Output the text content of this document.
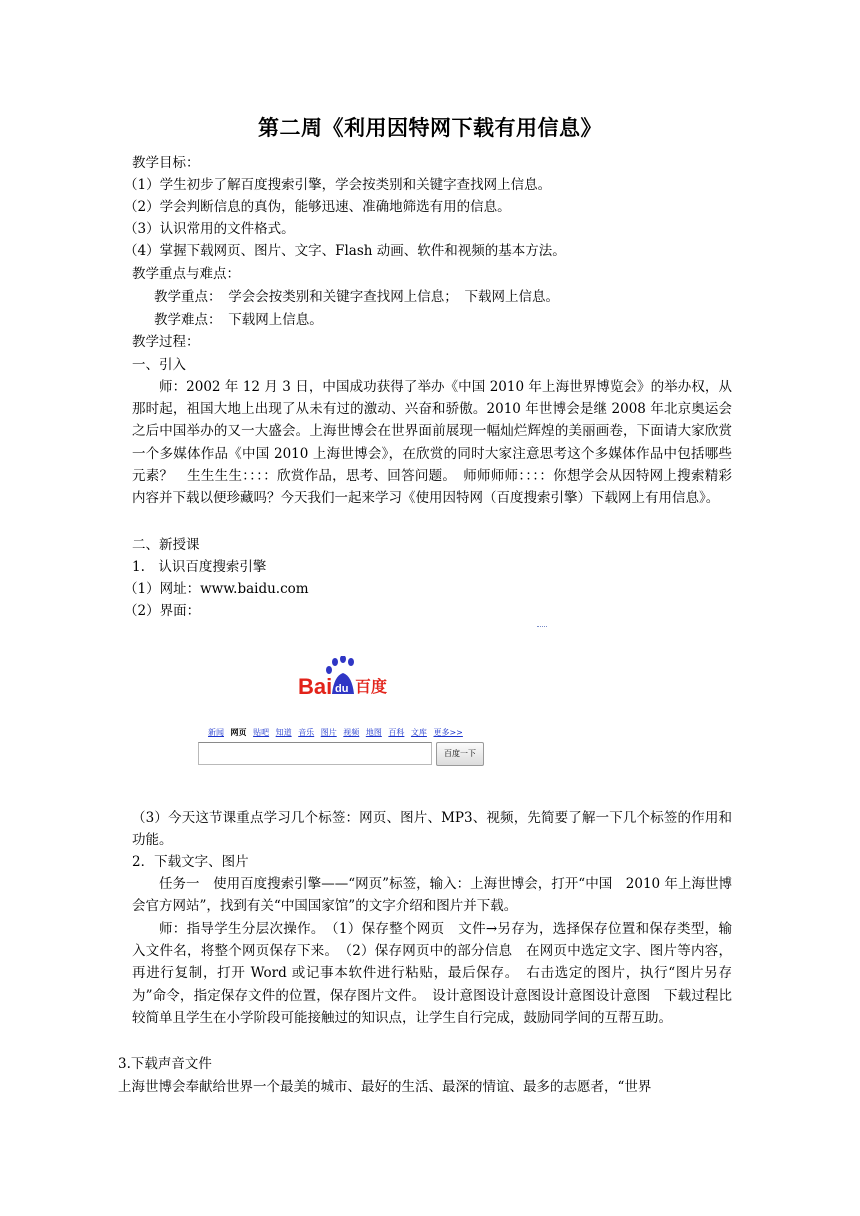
第二周《利用因特网下载有用信息》
教学目标：
（1）学生初步了解百度搜索引擎，学会按类别和关键字查找网上信息。
（2）学会判断信息的真伪，能够迅速、准确地筛选有用的信息。
（3）认识常用的文件格式。
（4）掌握下载网页、图片、文字、Flash 动画、软件和视频的基本方法。
教学重点与难点：
教学重点：　学会会按类别和关键字查找网上信息；　下载网上信息。
教学难点：　下载网上信息。
教学过程：
一、引入
师：2002 年 12 月 3 日，中国成功获得了举办《中国 2010 年上海世界博览会》的举办权，从那时起，祖国大地上出现了从未有过的激动、兴奋和骄傲。2010 年世博会是继 2008 年北京奥运会之后中国举办的又一大盛会。上海世博会在世界面前展现一幅灿烂辉煌的美丽画卷，下面请大家欣赏一个多媒体作品《中国 2010 上海世博会》，在欣赏的同时大家注意思考这个多媒体作品中包括哪些元素？　生生生生：：：：欣赏作品，思考、回答问题。　师师师师：：：：你想学会从因特网上搜索精彩内容并下载以便珍藏吗？今天我们一起来学习《使用因特网（百度搜索引擎）下载网上有用信息》。
二、新授课
1.　认识百度搜索引擎
（1）网址：www.baidu.com
（2）界面：
Bai du 百度
新闻 网页 贴吧 知道 音乐 图片 视频 地图 百科 文库 更多>>
百度一下
（3）今天这节课重点学习几个标签：网页、图片、MP3、视频，先简要了解一下几个标签的作用和功能。
2．下载文字、图片
任务一　使用百度搜索引擎——“网页”标签，输入：上海世博会，打开“中国　2010 年上海世博会官方网站”，找到有关“中国国家馆”的文字介绍和图片并下载。
师：指导学生分层次操作。　（1）保存整个网页　文件→另存为，选择保存位置和保存类型，输入文件名，将整个网页保存下来。　（2）保存网页中的部分信息　在网页中选定文字、图片等内容，再进行复制，打开 Word 或记事本软件进行粘贴，最后保存。　右击选定的图片，执行“图片另存为”命令，指定保存文件的位置，保存图片文件。　设计意图设计意图设计意图设计意图　下载过程比较简单且学生在小学阶段可能接触过的知识点，让学生自行完成，鼓励同学间的互帮互助。
3.下载声音文件
上海世博会奉献给世界一个最美的城市、最好的生活、最深的情谊、最多的志愿者，“世界
